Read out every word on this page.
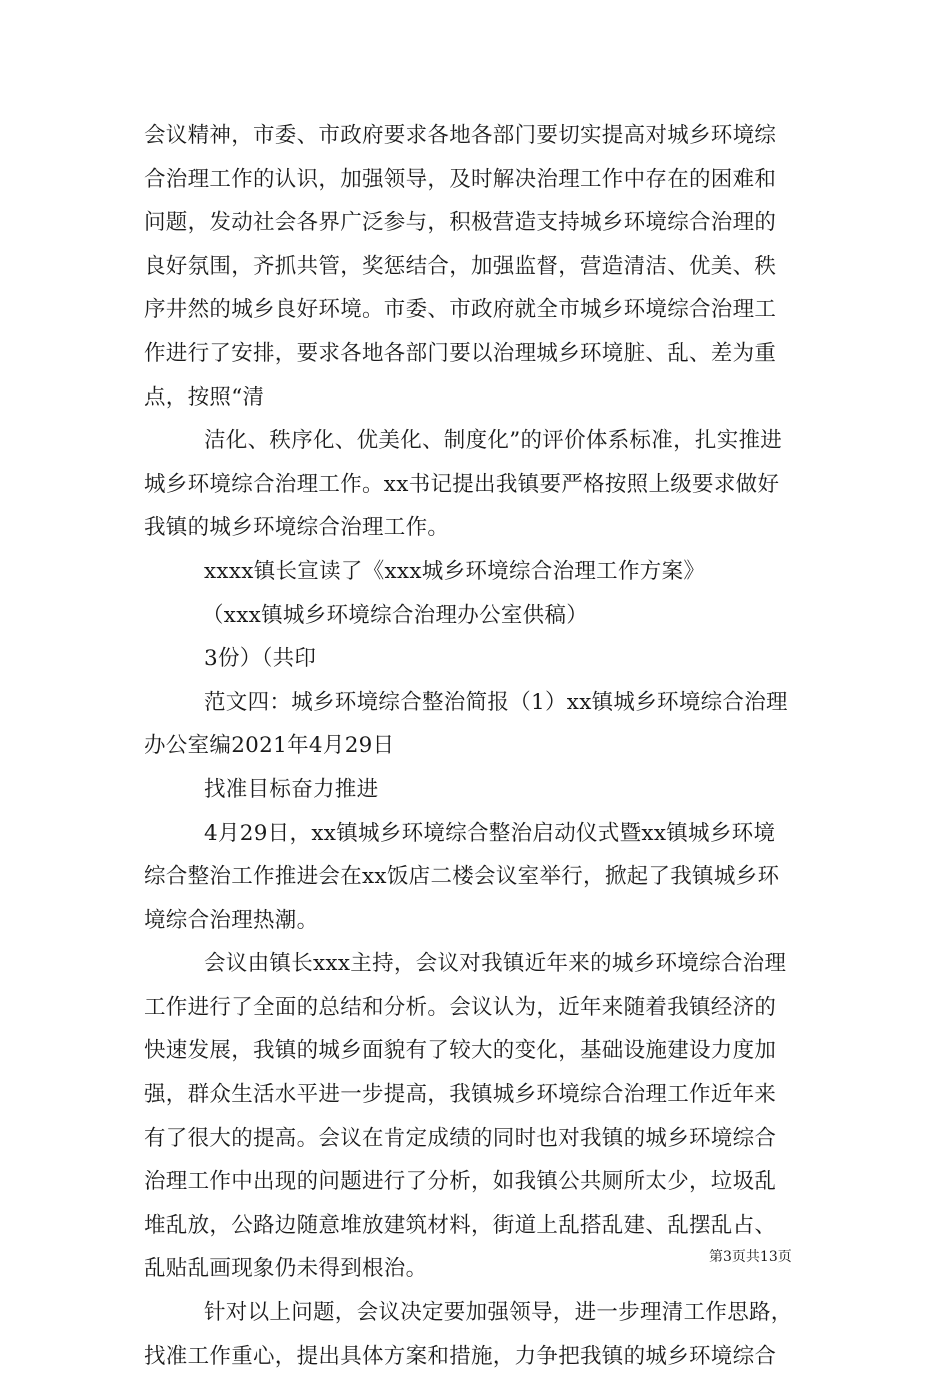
会议精神，市委、市政府要求各地各部门要切实提高对城乡环境综
合治理工作的认识，加强领导，及时解决治理工作中存在的困难和
问题，发动社会各界广泛参与，积极营造支持城乡环境综合治理的
良好氛围，齐抓共管，奖惩结合，加强监督，营造清洁、优美、秩
序井然的城乡良好环境。市委、市政府就全市城乡环境综合治理工
作进行了安排，要求各地各部门要以治理城乡环境脏、乱、差为重
点，按照“清
洁化、秩序化、优美化、制度化”的评价体系标准，扎实推进
城乡环境综合治理工作。xx书记提出我镇要严格按照上级要求做好
我镇的城乡环境综合治理工作。
xxxx镇长宣读了《xxx城乡环境综合治理工作方案》
（xxx镇城乡环境综合治理办公室供稿）
3份）（共印
范文四：城乡环境综合整治简报（1）xx镇城乡环境综合治理
办公室编2021年4月29日
找准目标奋力推进
4月29日，xx镇城乡环境综合整治启动仪式暨xx镇城乡环境
综合整治工作推进会在xx饭店二楼会议室举行，掀起了我镇城乡环
境综合治理热潮。
会议由镇长xxx主持，会议对我镇近年来的城乡环境综合治理
工作进行了全面的总结和分析。会议认为，近年来随着我镇经济的
快速发展，我镇的城乡面貌有了较大的变化，基础设施建设力度加
强，群众生活水平进一步提高，我镇城乡环境综合治理工作近年来
有了很大的提高。会议在肯定成绩的同时也对我镇的城乡环境综合
治理工作中出现的问题进行了分析，如我镇公共厕所太少，垃圾乱
堆乱放，公路边随意堆放建筑材料，街道上乱搭乱建、乱摆乱占、
乱贴乱画现象仍未得到根治。
针对以上问题，会议决定要加强领导，进一步理清工作思路，
找准工作重心，提出具体方案和措施，力争把我镇的城乡环境综合
第3页共13页
